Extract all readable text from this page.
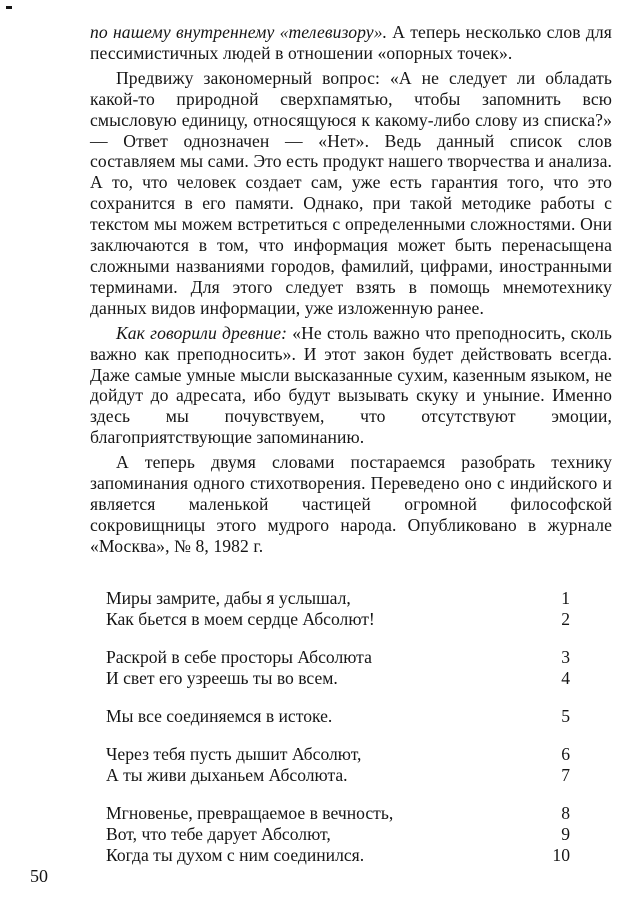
по нашему внутреннему «телевизору». А теперь несколько слов для пессимистичных людей в отношении «опорных точек».

Предвижу закономерный вопрос: «А не следует ли обладать какой-то природной сверхпамятью, чтобы запомнить всю смысловую единицу, относящуюся к какому-либо слову из списка?» — Ответ однозначен — «Нет». Ведь данный список слов составляем мы сами. Это есть продукт нашего творчества и анализа. А то, что человек создает сам, уже есть гарантия того, что это сохранится в его памяти. Однако, при такой методике работы с текстом мы можем встретиться с определенными сложностями. Они заключаются в том, что информация может быть перенасыщена сложными названиями городов, фамилий, цифрами, иностранными терминами. Для этого следует взять в помощь мнемотехнику данных видов информации, уже изложенную ранее.

Как говорили древние: «Не столь важно что преподносить, сколь важно как преподносить». И этот закон будет действовать всегда. Даже самые умные мысли высказанные сухим, казенным языком, не дойдут до адресата, ибо будут вызывать скуку и уныние. Именно здесь мы почувствуем, что отсутствуют эмоции, благоприятствующие запоминанию.

А теперь двумя словами постараемся разобрать технику запоминания одного стихотворения. Переведено оно с индийского и является маленькой частицей огромной философской сокровищницы этого мудрого народа. Опубликовано в журнале «Москва», № 8, 1982 г.

Миры замрите, дабы я услышал,	1
Как бьется в моем сердце Абсолют!	2
Раскрой в себе просторы Абсолюта	3
И свет его узреешь ты во всем.	4
Мы все соединяемся в истоке.	5
Через тебя пусть дышит Абсолют,	6
А ты живи дыханьем Абсолюта.	7
Мгновенье, превращаемое в вечность,	8
Вот, что тебе дарует Абсолют,	9
Когда ты духом с ним соединился.	10
50
